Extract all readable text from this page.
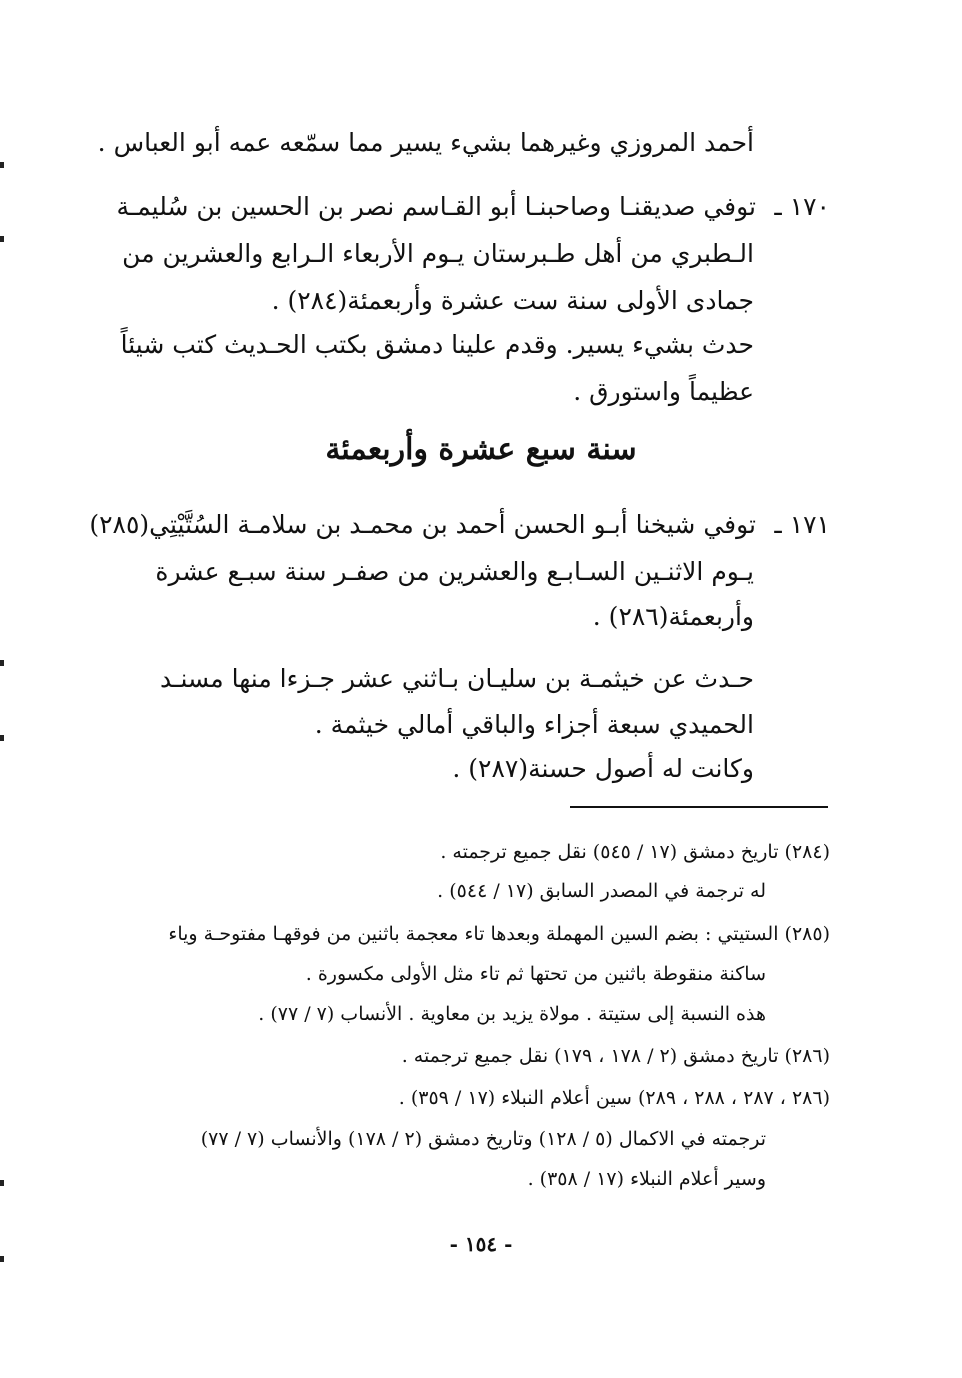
أحمد المروزي وغيرهما بشيء يسير مما سمّعه عمه أبو العباس .
١٧٠ ـ
توفي صديقنـا وصاحبنـا أبو القـاسم نصر بن الحسين بن سُليمـة
الـطبري من أهل طـبرستان يـوم الأربعاء الـرابع والعشرين من
جمادى الأولى سنة ست عشرة وأربعمئة(٢٨٤) .
حدث بشيء يسير. وقدم علينا دمشق بكتب الحـديث كتب شيئاً
عظيماً واستورق .
١٧١ ـ
توفي شيخنا أبـو الحسن أحمد بن محمـد بن سلامـة السُتَّيْتِي(٢٨٥)
يـوم الاثنـين السـابـع والعشرين من صفـر سنة سبـع عشرة
وأربعمئة(٢٨٦) .
حـدث عن خيثمـة بن سليـان بـاثني عشر جـزءا منها مسنـد
الحميدي سبعة أجزاء والباقي أمالي خيثمة .
وكانت له أصول حسنة(٢٨٧) .
سنة سبع عشرة وأربعمئة
(٢٨٤) تاريخ دمشق (١٧ / ٥٤٥) نقل جميع ترجمته .
له ترجمة في المصدر السابق (١٧ / ٥٤٤) .
(٢٨٥) الستيتي : بضم السين المهملة وبعدها تاء معجمة باثنين من فوقهـا مفتوحـة وياء
ساكنة منقوطة باثنين من تحتها ثم تاء مثل الأولى مكسورة .
هذه النسبة إلى ستيتة . مولاة يزيد بن معاوية . الأنساب (٧ / ٧٧) .
(٢٨٦) تاريخ دمشق (٢ / ١٧٨ ، ١٧٩) نقل جميع ترجمته .
(٢٨٦ ، ٢٨٧ ، ٢٨٨ ، ٢٨٩) سين أعلام النبلاء (١٧ / ٣٥٩) .
ترجمته في الاكمال (٥ / ١٢٨) وتاريخ دمشق (٢ / ١٧٨) والأنساب (٧ / ٧٧)
وسير أعلام النبلاء (١٧ / ٣٥٨) .
- ١٥٤ -
